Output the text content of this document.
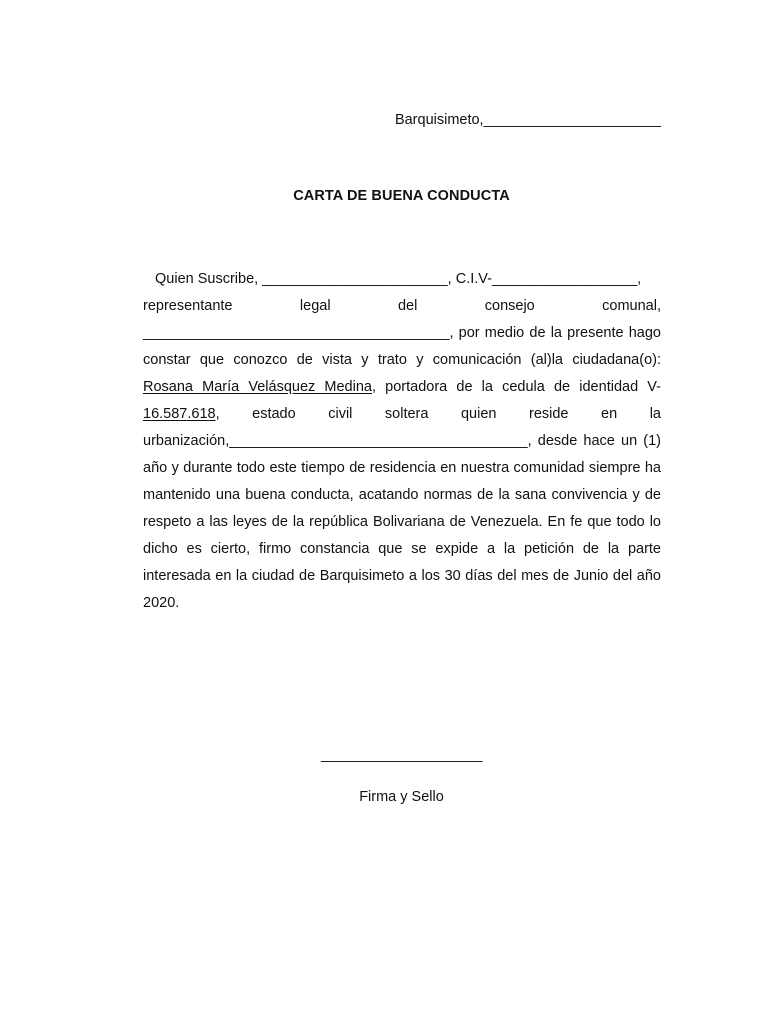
Barquisimeto,______________________
CARTA DE BUENA CONDUCTA

Quien Suscribe, _______________________, C.I.V-__________________,

representante	legal	del	consejo	comunal,
______________________________________, por medio de la presente hago constar que conozco de vista y trato y comunicación (al)la ciudadana(o): Rosana María Velásquez Medina, portadora de la cedula de identidad V- 16.587.618, estado civil soltera quien reside en la urbanización,_____________________________________, desde hace un (1) año y durante todo este tiempo de residencia en nuestra comunidad siempre ha mantenido una buena conducta, acatando normas de la sana convivencia y de respeto a las leyes de la república Bolivariana de Venezuela. En fe que todo lo dicho es cierto, firmo constancia que se expide a la petición de la parte interesada en la ciudad de Barquisimeto a los 30 días del mes de Junio del año 2020.
____________________
Firma y Sello
